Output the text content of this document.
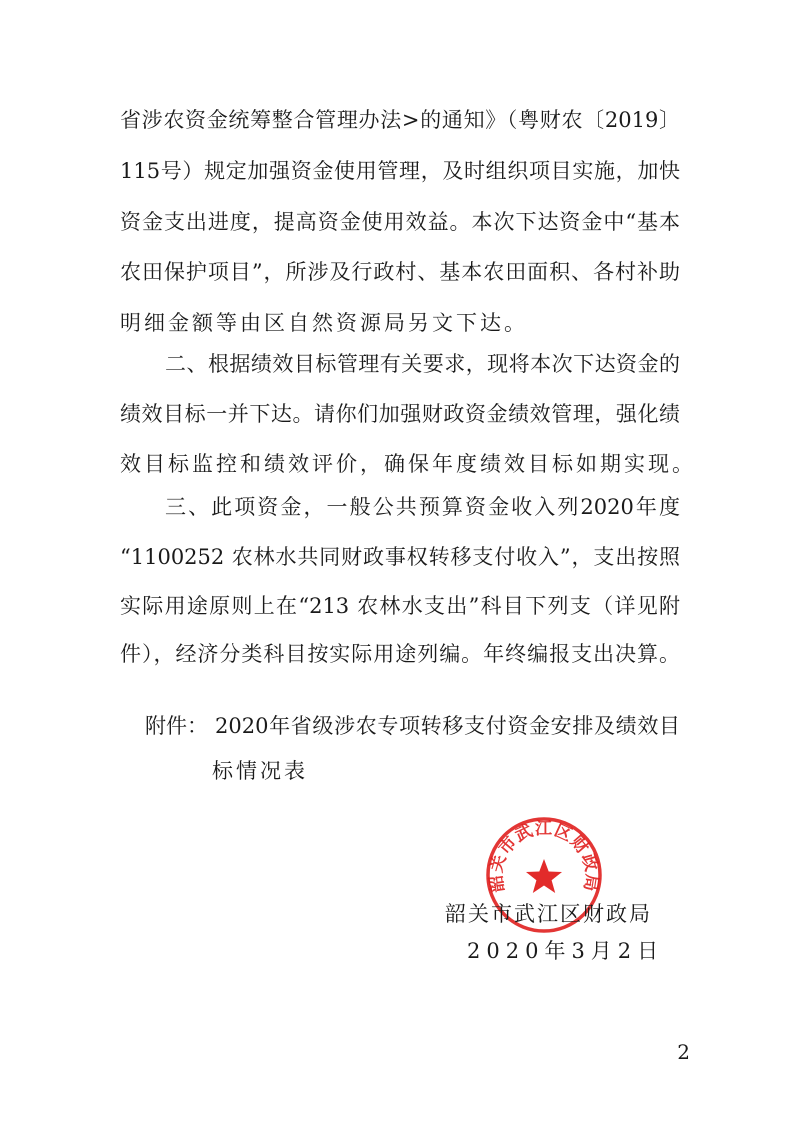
省涉农资金统筹整合管理办法>的通知》（粤财农〔2019〕
115号）规定加强资金使用管理，及时组织项目实施，加快
资金支出进度，提高资金使用效益。本次下达资金中“基本
农田保护项目”，所涉及行政村、基本农田面积、各村补助
明细金额等由区自然资源局另文下达。
二、根据绩效目标管理有关要求，现将本次下达资金的
绩效目标一并下达。请你们加强财政资金绩效管理，强化绩
效目标监控和绩效评价，确保年度绩效目标如期实现。
三、此项资金，一般公共预算资金收入列2020年度
“1100252 农林水共同财政事权转移支付收入”，支出按照
实际用途原则上在“213 农林水支出”科目下列支（详见附
件），经济分类科目按实际用途列编。年终编报支出决算。
附件： 2020年省级涉农专项转移支付资金安排及绩效目
标情况表
韶关市武江区财政局
韶关市武江区财政局
2020年3月2日
2
